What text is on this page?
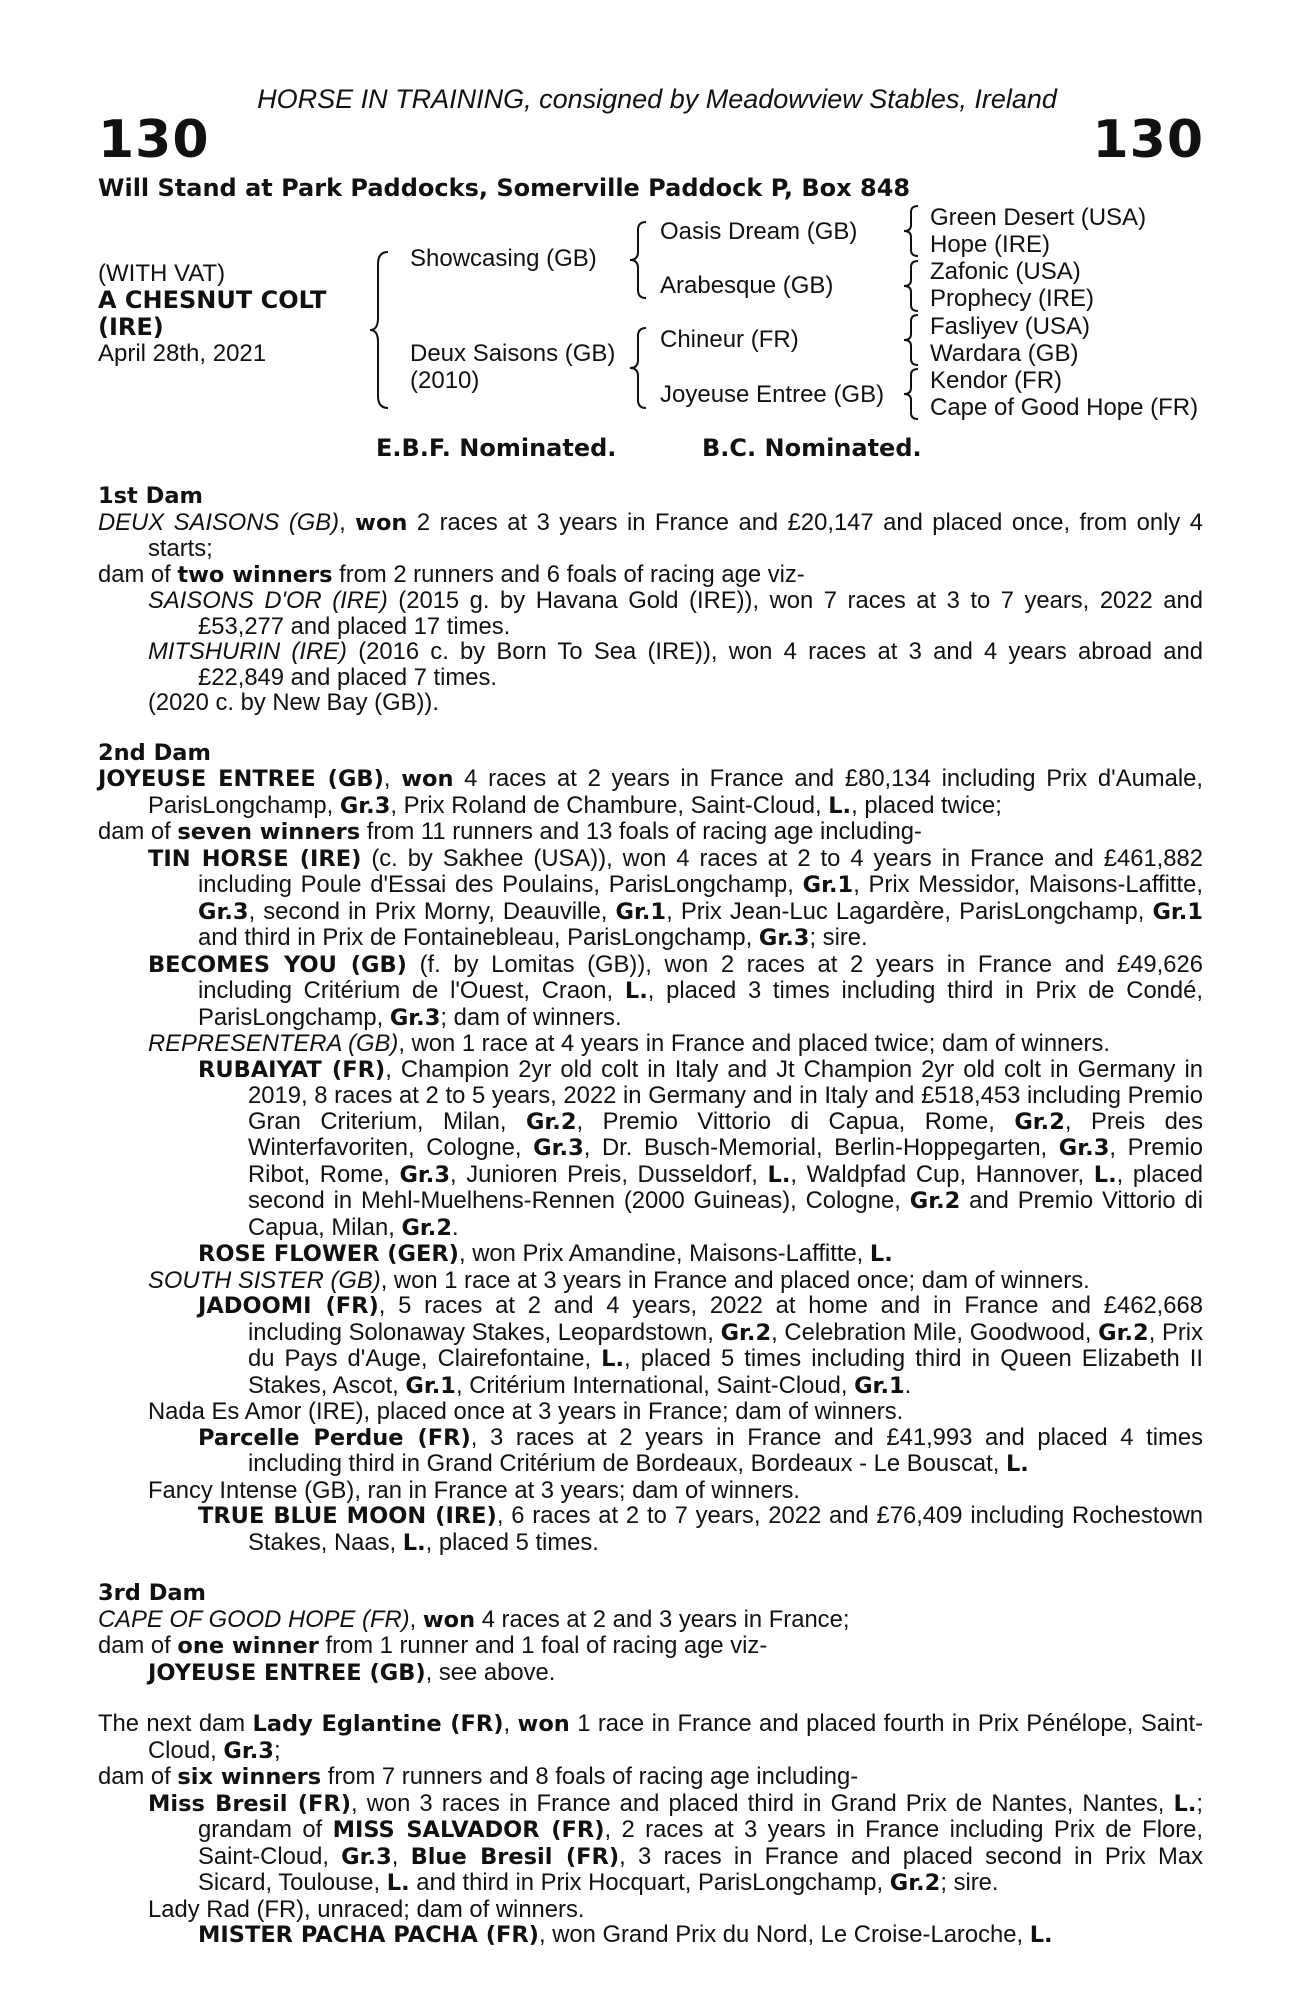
HORSE IN TRAINING, consigned by Meadowview Stables, Ireland
130	130
Will Stand at Park Paddocks, Somerville Paddock P, Box 848
(WITH VAT)
A CHESNUT COLT
(IRE)
April 28th, 2021
Showcasing (GB)
Deux Saisons (GB)
(2010)
Oasis Dream (GB)
Arabesque (GB)
Chineur (FR)
Joyeuse Entree (GB)
Green Desert (USA)
Hope (IRE)
Zafonic (USA)
Prophecy (IRE)
Fasliyev (USA)
Wardara (GB)
Kendor (FR)
Cape of Good Hope (FR)
E.B.F. Nominated.	B.C. Nominated.
1st Dam
DEUX SAISONS (GB), won 2 races at 3 years in France and £20,147 and placed once, from only 4 starts;
dam of two winners from 2 runners and 6 foals of racing age viz-
SAISONS D'OR (IRE) (2015 g. by Havana Gold (IRE)), won 7 races at 3 to 7 years, 2022 and £53,277 and placed 17 times.
MITSHURIN (IRE) (2016 c. by Born To Sea (IRE)), won 4 races at 3 and 4 years abroad and £22,849 and placed 7 times.
(2020 c. by New Bay (GB)).
2nd Dam
JOYEUSE ENTREE (GB), won 4 races at 2 years in France and £80,134 including Prix d'Aumale, ParisLongchamp, Gr.3, Prix Roland de Chambure, Saint-Cloud, L., placed twice;
dam of seven winners from 11 runners and 13 foals of racing age including-
TIN HORSE (IRE) (c. by Sakhee (USA)), won 4 races at 2 to 4 years in France and £461,882 including Poule d'Essai des Poulains, ParisLongchamp, Gr.1, Prix Messidor, Maisons-Laffitte, Gr.3, second in Prix Morny, Deauville, Gr.1, Prix Jean-Luc Lagardère, ParisLongchamp, Gr.1 and third in Prix de Fontainebleau, ParisLongchamp, Gr.3; sire.
BECOMES YOU (GB) (f. by Lomitas (GB)), won 2 races at 2 years in France and £49,626 including Critérium de l'Ouest, Craon, L., placed 3 times including third in Prix de Condé, ParisLongchamp, Gr.3; dam of winners.
REPRESENTERA (GB), won 1 race at 4 years in France and placed twice; dam of winners.
RUBAIYAT (FR), Champion 2yr old colt in Italy and Jt Champion 2yr old colt in Germany in 2019, 8 races at 2 to 5 years, 2022 in Germany and in Italy and £518,453 including Premio Gran Criterium, Milan, Gr.2, Premio Vittorio di Capua, Rome, Gr.2, Preis des Winterfavoriten, Cologne, Gr.3, Dr. Busch-Memorial, Berlin-Hoppegarten, Gr.3, Premio Ribot, Rome, Gr.3, Junioren Preis, Dusseldorf, L., Waldpfad Cup, Hannover, L., placed second in Mehl-Muelhens-Rennen (2000 Guineas), Cologne, Gr.2 and Premio Vittorio di Capua, Milan, Gr.2.
ROSE FLOWER (GER), won Prix Amandine, Maisons-Laffitte, L.
SOUTH SISTER (GB), won 1 race at 3 years in France and placed once; dam of winners.
JADOOMI (FR), 5 races at 2 and 4 years, 2022 at home and in France and £462,668 including Solonaway Stakes, Leopardstown, Gr.2, Celebration Mile, Goodwood, Gr.2, Prix du Pays d'Auge, Clairefontaine, L., placed 5 times including third in Queen Elizabeth II Stakes, Ascot, Gr.1, Critérium International, Saint-Cloud, Gr.1.
Nada Es Amor (IRE), placed once at 3 years in France; dam of winners.
Parcelle Perdue (FR), 3 races at 2 years in France and £41,993 and placed 4 times including third in Grand Critérium de Bordeaux, Bordeaux - Le Bouscat, L.
Fancy Intense (GB), ran in France at 3 years; dam of winners.
TRUE BLUE MOON (IRE), 6 races at 2 to 7 years, 2022 and £76,409 including Rochestown Stakes, Naas, L., placed 5 times.
3rd Dam
CAPE OF GOOD HOPE (FR), won 4 races at 2 and 3 years in France;
dam of one winner from 1 runner and 1 foal of racing age viz-
JOYEUSE ENTREE (GB), see above.
The next dam Lady Eglantine (FR), won 1 race in France and placed fourth in Prix Pénélope, Saint-Cloud, Gr.3;
dam of six winners from 7 runners and 8 foals of racing age including-
Miss Bresil (FR), won 3 races in France and placed third in Grand Prix de Nantes, Nantes, L.; grandam of MISS SALVADOR (FR), 2 races at 3 years in France including Prix de Flore, Saint-Cloud, Gr.3, Blue Bresil (FR), 3 races in France and placed second in Prix Max Sicard, Toulouse, L. and third in Prix Hocquart, ParisLongchamp, Gr.2; sire.
Lady Rad (FR), unraced; dam of winners.
MISTER PACHA PACHA (FR), won Grand Prix du Nord, Le Croise-Laroche, L.
